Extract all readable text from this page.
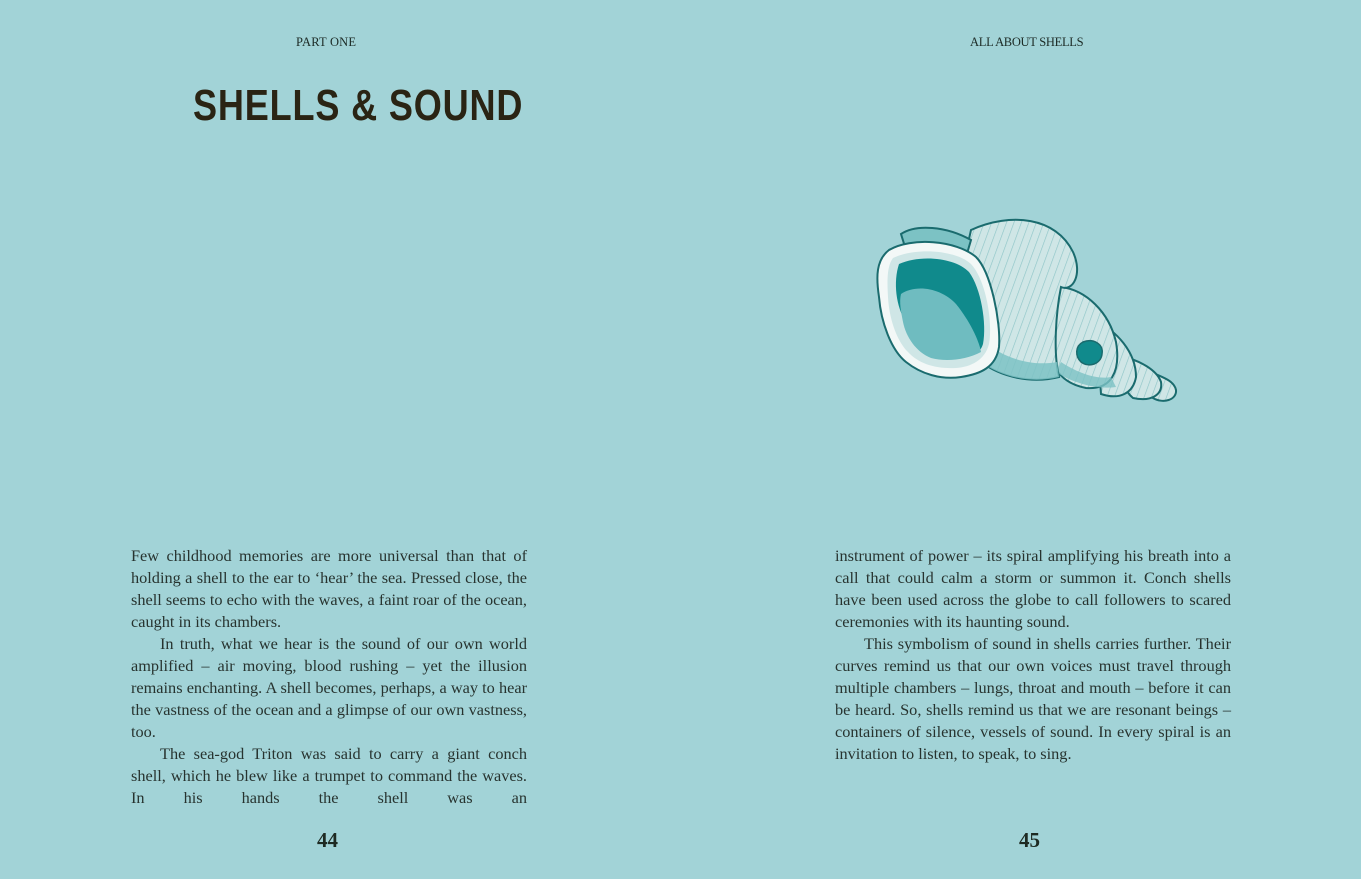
PART ONE
SHELLS & SOUND

Few childhood memories are more universal than that of holding a shell to the ear to ‘hear’ the sea. Pressed close, the shell seems to echo with the waves, a faint roar of the ocean, caught in its chambers.

In truth, what we hear is the sound of our own world amplified – air moving, blood rushing – yet the illusion remains enchanting. A shell becomes, perhaps, a way to hear the vastness of the ocean and a glimpse of our own vastness, too.

The sea-god Triton was said to carry a giant conch shell, which he blew like a trumpet to command the waves. In his hands the shell was an

44
ALL ABOUT SHELLS

instrument of power – its spiral amplifying his breath into a call that could calm a storm or summon it. Conch shells have been used across the globe to call followers to scared ceremonies with its haunting sound.

This symbolism of sound in shells carries further. Their curves remind us that our own voices must travel through multiple chambers – lungs, throat and mouth – before it can be heard. So, shells remind us that we are resonant beings – containers of silence, vessels of sound. In every spiral is an invitation to listen, to speak, to sing.

45
